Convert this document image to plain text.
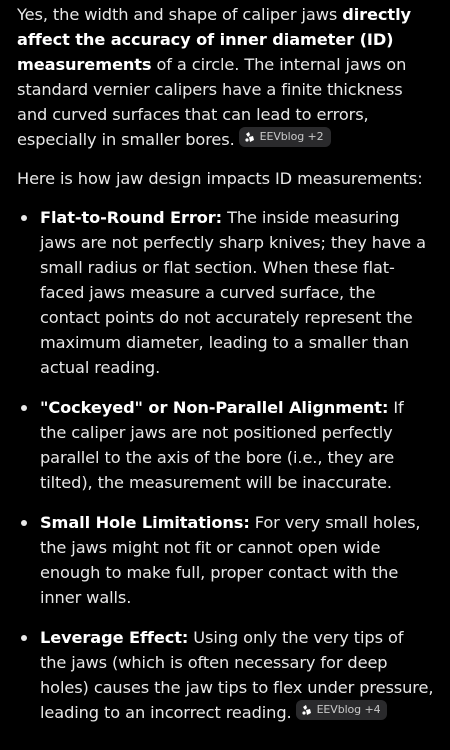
Yes, the width and shape of caliper jaws directly affect the accuracy of inner diameter (ID) measurements of a circle. The internal jaws on standard vernier calipers have a finite thickness and curved surfaces that can lead to errors, especially in smaller bores. EEVblog +2

Here is how jaw design impacts ID measurements:

Flat-to-Round Error: The inside measuring jaws are not perfectly sharp knives; they have a small radius or flat section. When these flat-faced jaws measure a curved surface, the contact points do not accurately represent the maximum diameter, leading to a smaller than actual reading.
"Cockeyed" or Non-Parallel Alignment: If the caliper jaws are not positioned perfectly parallel to the axis of the bore (i.e., they are tilted), the measurement will be inaccurate.
Small Hole Limitations: For very small holes, the jaws might not fit or cannot open wide enough to make full, proper contact with the inner walls.
Leverage Effect: Using only the very tips of the jaws (which is often necessary for deep holes) causes the jaw tips to flex under pressure, leading to an incorrect reading. EEVblog +4
